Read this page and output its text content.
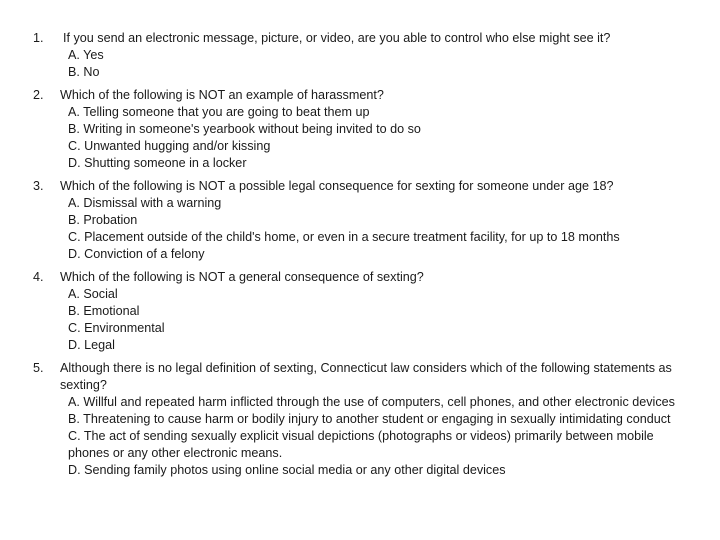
1. If you send an electronic message, picture, or video, are you able to control who else might see it?
A. Yes
B. No
2. Which of the following is NOT an example of harassment?
A. Telling someone that you are going to beat them up
B. Writing in someone's yearbook without being invited to do so
C. Unwanted hugging and/or kissing
D. Shutting someone in a locker
3. Which of the following is NOT a possible legal consequence for sexting for someone under age 18?
A. Dismissal with a warning
B. Probation
C. Placement outside of the child's home, or even in a secure treatment facility, for up to 18 months
D. Conviction of a felony
4. Which of the following is NOT a general consequence of sexting?
A. Social
B. Emotional
C. Environmental
D. Legal
5. Although there is no legal definition of sexting, Connecticut law considers which of the following statements as sexting?
A. Willful and repeated harm inflicted through the use of computers, cell phones, and other electronic devices
B. Threatening to cause harm or bodily injury to another student or engaging in sexually intimidating conduct
C. The act of sending sexually explicit visual depictions (photographs or videos) primarily between mobile phones or any other electronic means.
D. Sending family photos using online social media or any other digital devices
